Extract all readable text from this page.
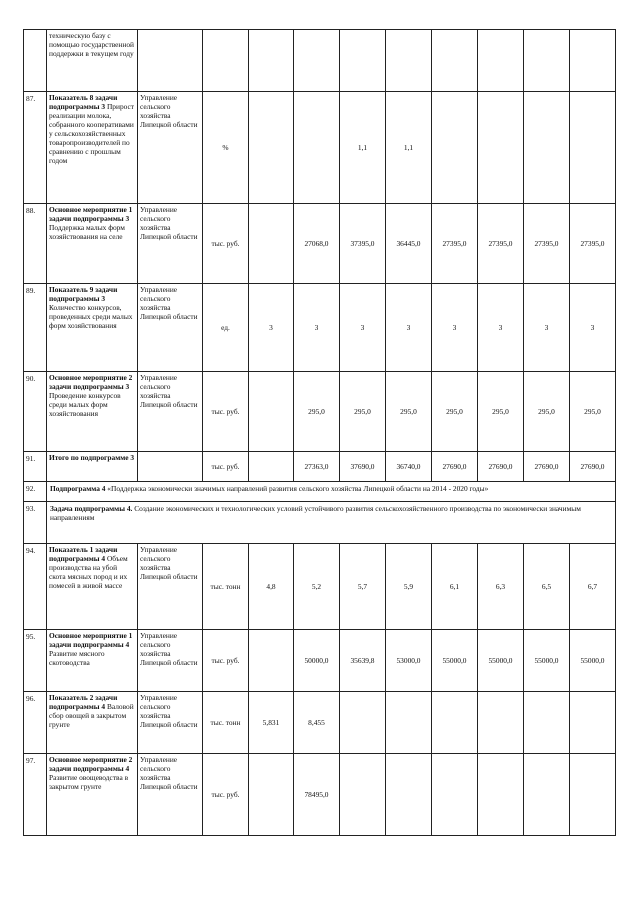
	техническую базу с помощью государственной поддержки в текущем году											
87.	Показатель 8 задачи подпрограммы 3 Прирост реализации молока, собранного кооперативами у сельскохозяйственных товаропроизводителей по сравнению с прошлым годом	Управление сельского хозяйства Липецкой области	%			1,1	1,1					
88.	Основное мероприятие 1 задачи подпрограммы 3 Поддержка малых форм хозяйствования на селе	Управление сельского хозяйства Липецкой области	тыс. руб.		27068,0	37395,0	36445,0	27395,0	27395,0	27395,0	27395,0	
89.	Показатель 9 задачи подпрограммы 3 Количество конкурсов, проведенных среди малых форм хозяйствования	Управление сельского хозяйства Липецкой области	ед.	3	3	3	3	3	3	3	3	
90.	Основное мероприятие 2 задачи подпрограммы 3 Проведение конкурсов среди малых форм хозяйствования	Управление сельского хозяйства Липецкой области	тыс. руб.		295,0	295,0	295,0	295,0	295,0	295,0	295,0	
91.	Итого по подпрограмме 3		тыс. руб.		27363,0	37690,0	36740,0	27690,0	27690,0	27690,0	27690,0	
92.	Подпрограмма 4 «Поддержка экономически значимых направлений развития сельского хозяйства Липецкой области на 2014 - 2020 годы»											
93.	Задача подпрограммы 4. Создание экономических и технологических условий устойчивого развития сельскохозяйственного производства по экономически значимым направлениям											
94.	Показатель 1 задачи подпрограммы 4 Объем производства на убой скота мясных пород и их помесей в живой массе	Управление сельского хозяйства Липецкой области	тыс. тонн	4,8	5,2	5,7	5,9	6,1	6,3	6,5	6,7	
95.	Основное мероприятие 1 задачи подпрограммы 4 Развитие мясного скотоводства	Управление сельского хозяйства Липецкой области	тыс. руб.		50000,0	35639,8	53000,0	55000,0	55000,0	55000,0	55000,0	
96.	Показатель 2 задачи подпрограммы 4 Валовой сбор овощей в закрытом грунте	Управление сельского хозяйства Липецкой области	тыс. тонн	5,831	8,455							
97.	Основное мероприятие 2 задачи подпрограммы 4 Развитие овощеводства в закрытом грунте	Управление сельского хозяйства Липецкой области	тыс. руб.		78495,0							
